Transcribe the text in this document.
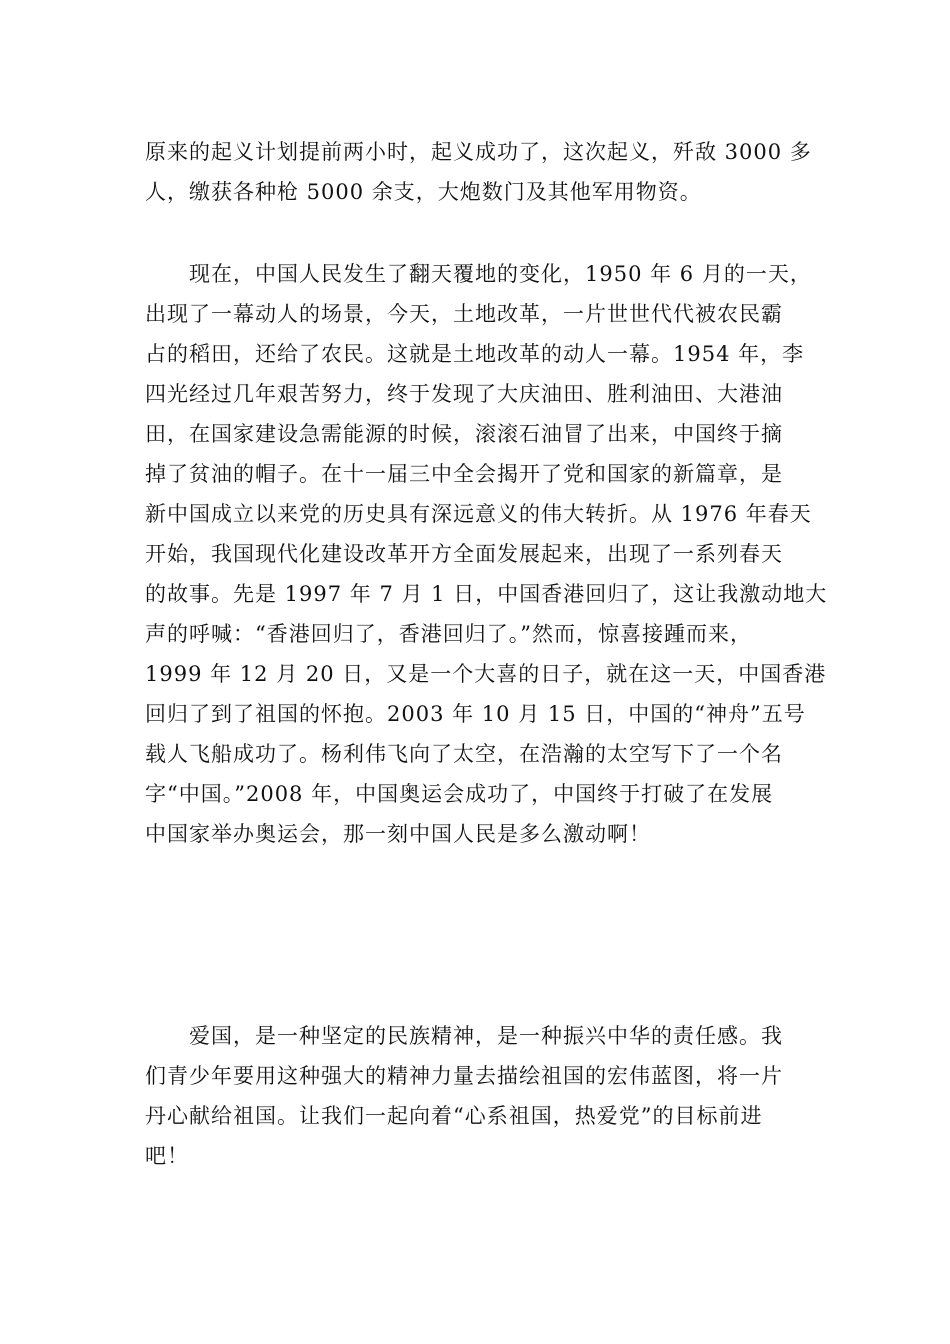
原来的起义计划提前两小时，起义成功了，这次起义，歼敌 3000 多
人，缴获各种枪 5000 余支，大炮数门及其他军用物资。
现在，中国人民发生了翻天覆地的变化，1950 年 6 月的一天，
出现了一幕动人的场景，今天，土地改革，一片世世代代被农民霸
占的稻田，还给了农民。这就是土地改革的动人一幕。1954 年，李
四光经过几年艰苦努力，终于发现了大庆油田、胜利油田、大港油
田，在国家建设急需能源的时候，滚滚石油冒了出来，中国终于摘
掉了贫油的帽子。在十一届三中全会揭开了党和国家的新篇章，是
新中国成立以来党的历史具有深远意义的伟大转折。从 1976 年春天
开始，我国现代化建设改革开方全面发展起来，出现了一系列春天
的故事。先是 1997 年 7 月 1 日，中国香港回归了，这让我激动地大
声的呼喊：“香港回归了，香港回归了。”然而，惊喜接踵而来，
1999 年 12 月 20 日，又是一个大喜的日子，就在这一天，中国香港
回归了到了祖国的怀抱。2003 年 10 月 15 日，中国的“神舟”五号
载人飞船成功了。杨利伟飞向了太空，在浩瀚的太空写下了一个名
字“中国。”2008 年，中国奥运会成功了，中国终于打破了在发展
中国家举办奥运会，那一刻中国人民是多么激动啊！
爱国，是一种坚定的民族精神，是一种振兴中华的责任感。我
们青少年要用这种强大的精神力量去描绘祖国的宏伟蓝图，将一片
丹心献给祖国。让我们一起向着“心系祖国，热爱党”的目标前进
吧！
